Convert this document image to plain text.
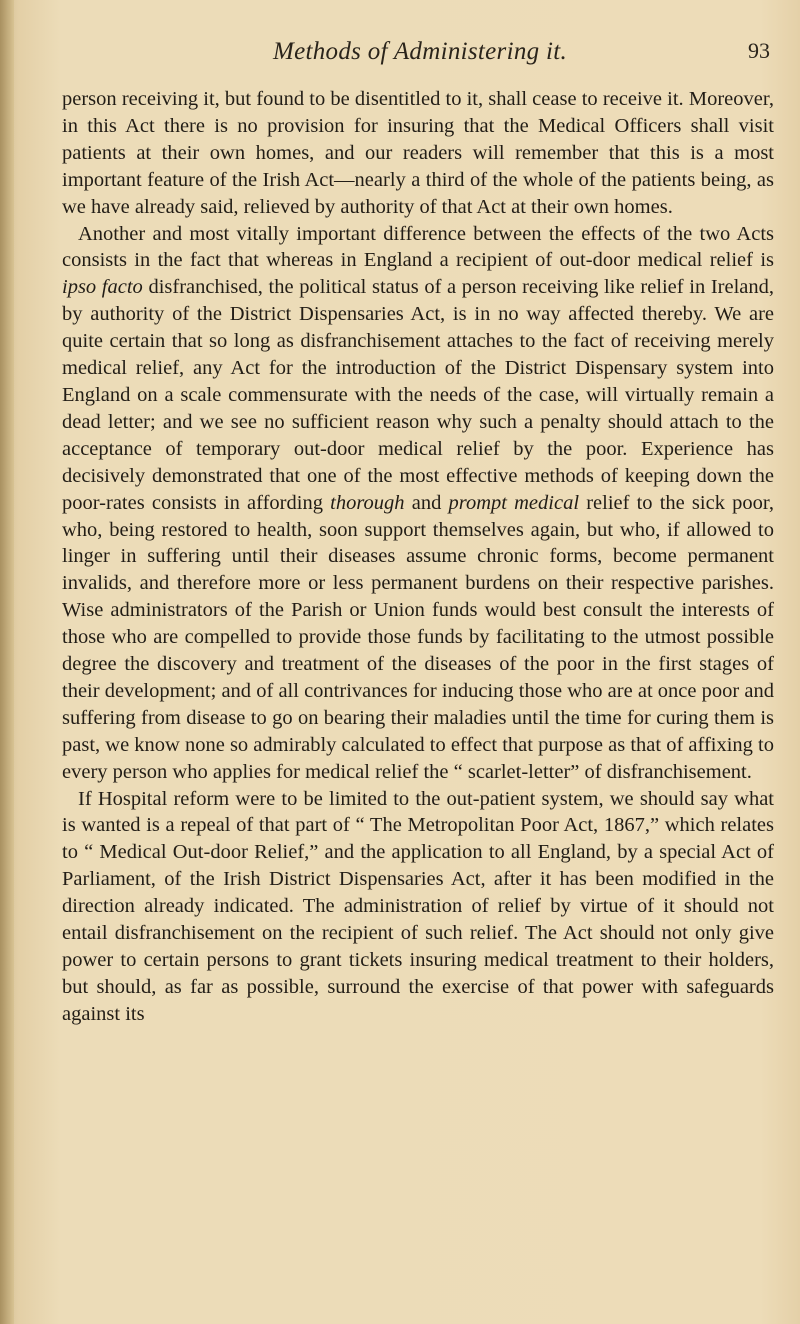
Methods of Administering it.	93

person receiving it, but found to be disentitled to it, shall cease to receive it. Moreover, in this Act there is no provision for insuring that the Medical Officers shall visit patients at their own homes, and our readers will remember that this is a most important feature of the Irish Act—nearly a third of the whole of the patients being, as we have already said, relieved by authority of that Act at their own homes.

Another and most vitally important difference between the effects of the two Acts consists in the fact that whereas in England a recipient of out-door medical relief is ipso facto disfranchised, the political status of a person receiving like relief in Ireland, by authority of the District Dispensaries Act, is in no way affected thereby. We are quite certain that so long as disfranchisement attaches to the fact of receiving merely medical relief, any Act for the introduction of the District Dispensary system into England on a scale commensurate with the needs of the case, will virtually remain a dead letter; and we see no sufficient reason why such a penalty should attach to the acceptance of temporary out-door medical relief by the poor. Experience has decisively demonstrated that one of the most effective methods of keeping down the poor-rates consists in affording thorough and prompt medical relief to the sick poor, who, being restored to health, soon support themselves again, but who, if allowed to linger in suffering until their diseases assume chronic forms, become permanent invalids, and therefore more or less permanent burdens on their respective parishes. Wise administrators of the Parish or Union funds would best consult the interests of those who are compelled to provide those funds by facilitating to the utmost possible degree the discovery and treatment of the diseases of the poor in the first stages of their development; and of all contrivances for inducing those who are at once poor and suffering from disease to go on bearing their maladies until the time for curing them is past, we know none so admirably calculated to effect that purpose as that of affixing to every person who applies for medical relief the “ scarlet-letter” of disfranchisement.

If Hospital reform were to be limited to the out-patient system, we should say what is wanted is a repeal of that part of “ The Metropolitan Poor Act, 1867,” which relates to “ Medical Out-door Relief,” and the application to all England, by a special Act of Parliament, of the Irish District Dispensaries Act, after it has been modified in the direction already indicated. The administration of relief by virtue of it should not entail disfranchisement on the recipient of such relief. The Act should not only give power to certain persons to grant tickets insuring medical treatment to their holders, but should, as far as possible, surround the exercise of that power with safeguards against its
